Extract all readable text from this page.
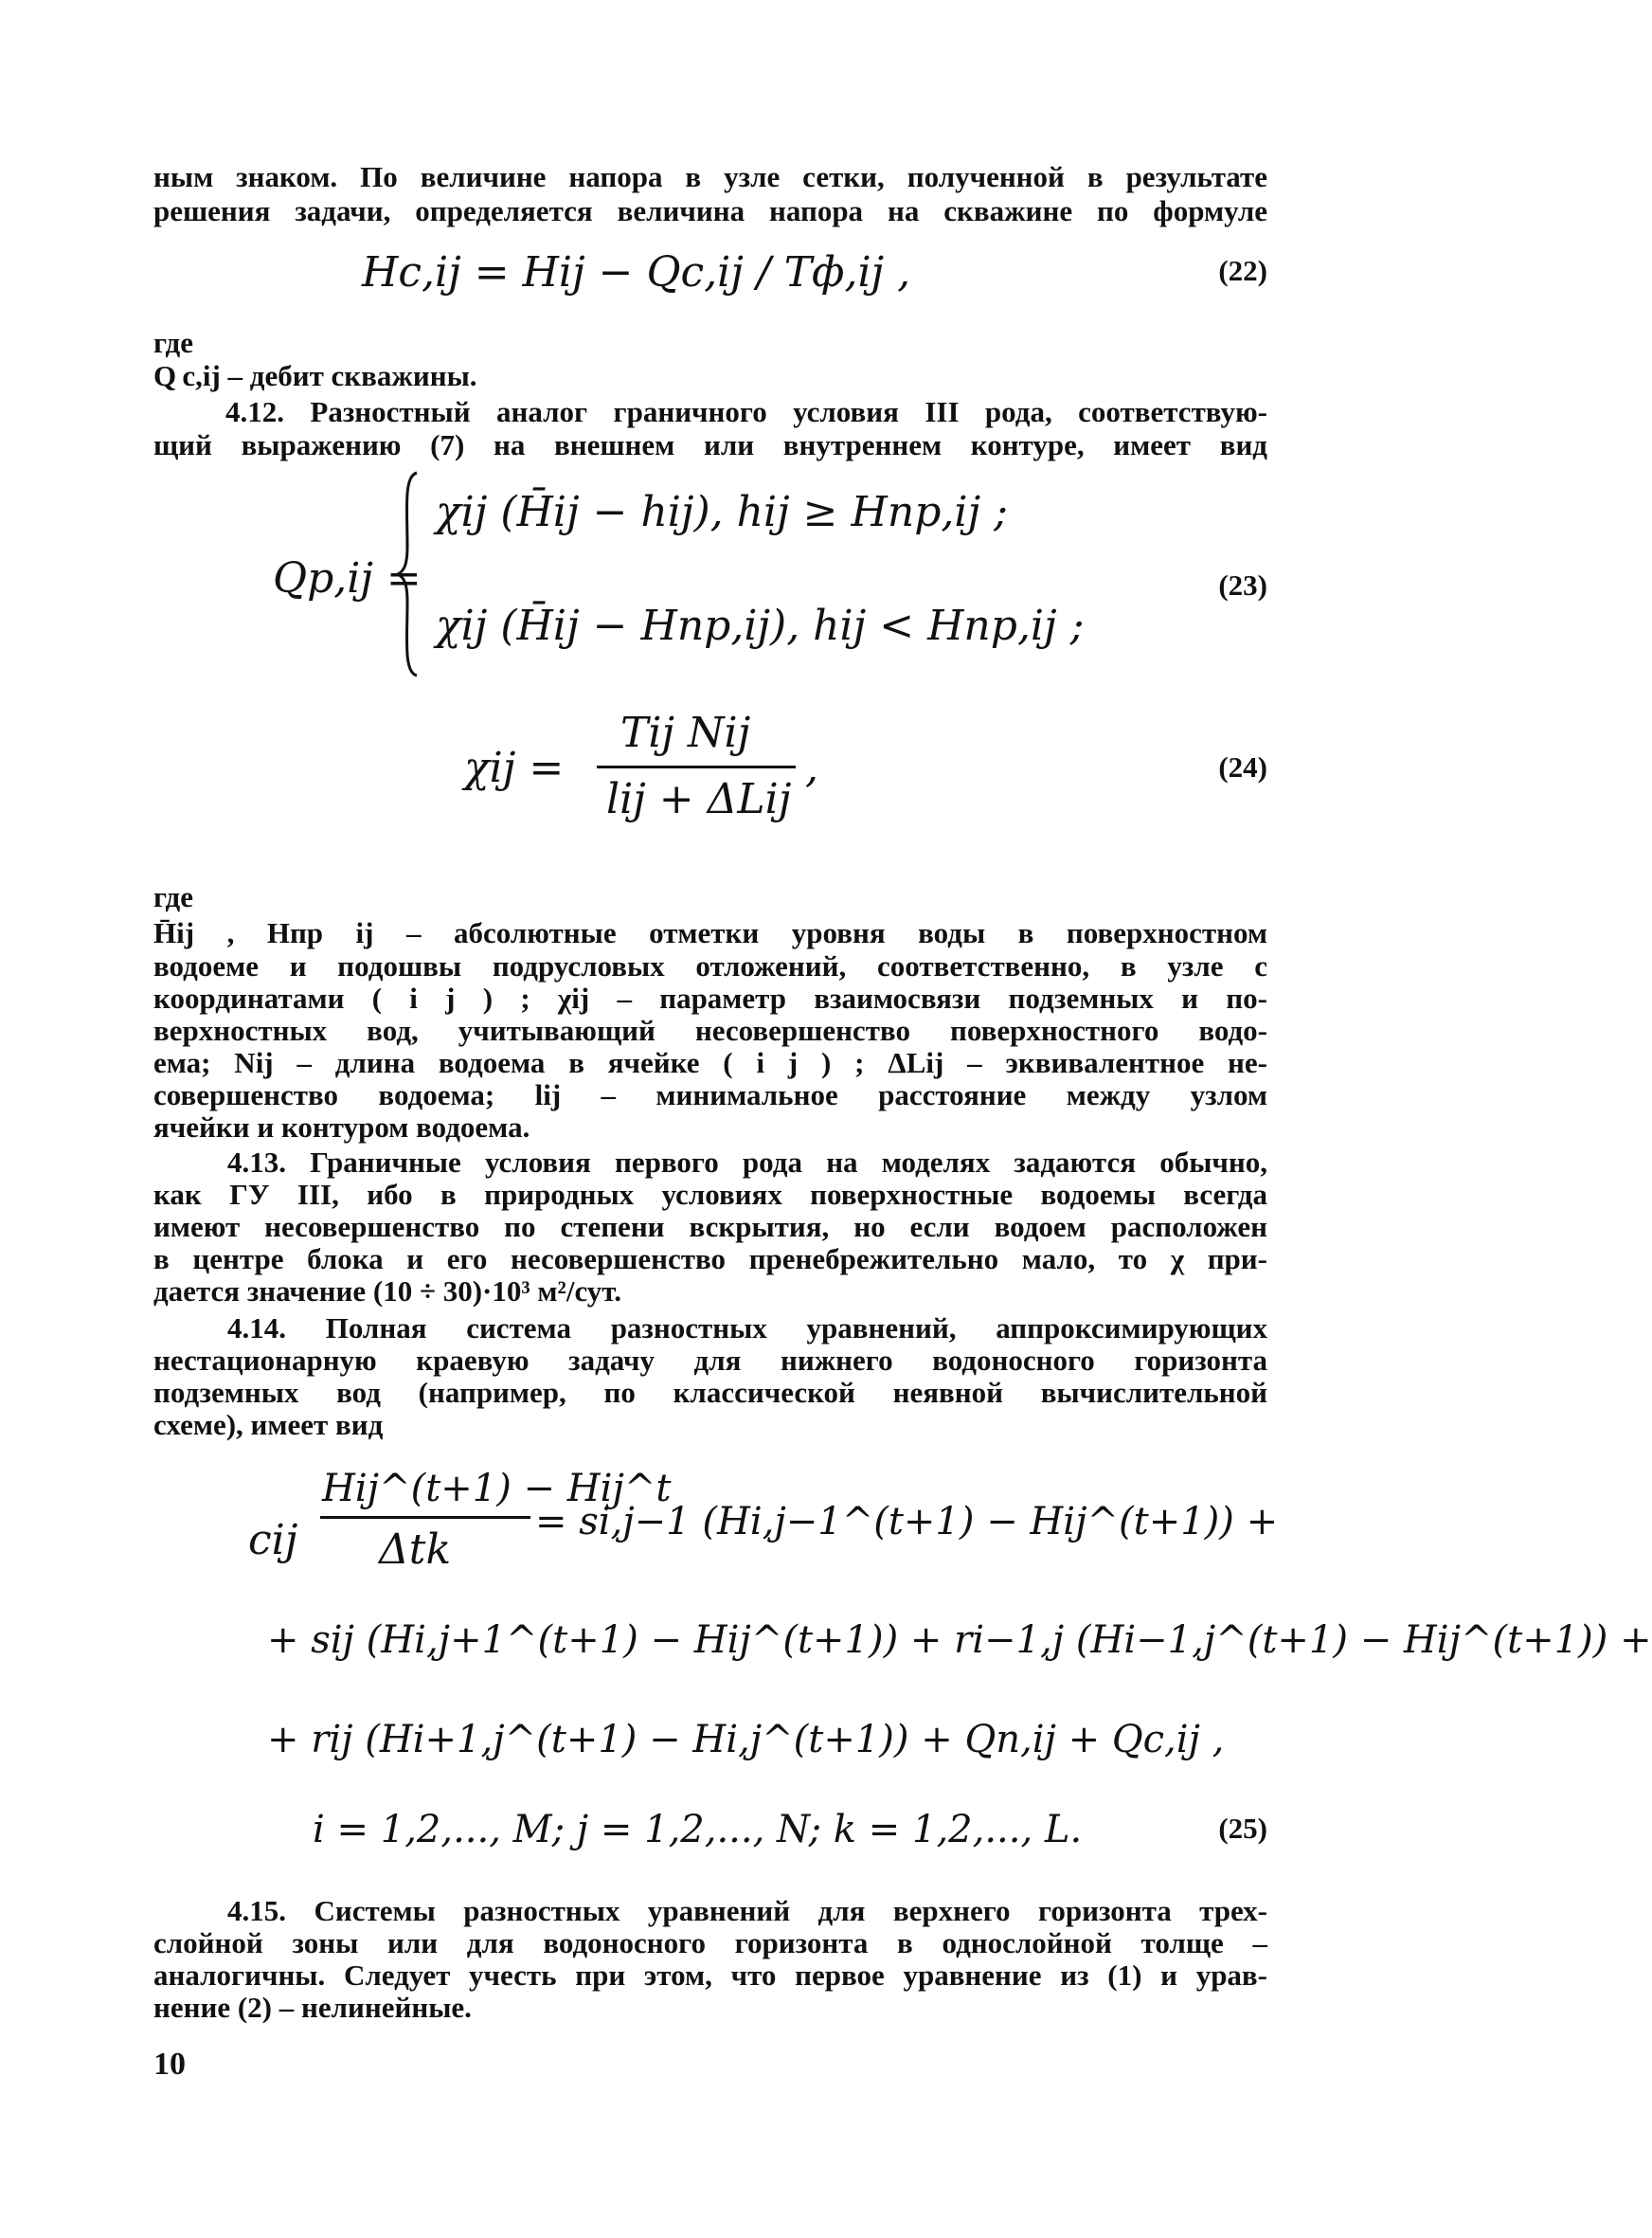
ным знаком. По величине напора в узле сетки, полученной в результате
решения задачи, определяется величина напора на скважине по формуле
Hc,ij = Hij − Qc,ij / Tф,ij ,	(22)
где
Q c,ij – дебит скважины.
4.12. Разностный аналог граничного условия III рода, соответствую-
щий выражению (7) на внешнем или внутреннем контуре, имеет вид
Qp,ij =
χij (H̄ij − hij), hij ≥ Hпр,ij ;
χij (H̄ij − Hпр,ij), hij < Hпр,ij ;
(23)
χij =
Tij Nij
lij + ΔLij
,	(24)
где
H̄ij , Hпр ij – абсолютные отметки уровня воды в поверхностном
водоеме и подошвы подрусловых отложений, соответственно, в узле с
координатами ( i j ) ; χij – параметр взаимосвязи подземных и по-
верхностных вод, учитывающий несовершенство поверхностного водо-
ема; Nij – длина водоема в ячейке ( i j ) ; ΔLij – эквивалентное не-
совершенство водоема; lij – минимальное расстояние между узлом
ячейки и контуром водоема.
4.13. Граничные условия первого рода на моделях задаются обычно,
как ГУ III, ибо в природных условиях поверхностные водоемы всегда
имеют несовершенство по степени вскрытия, но если водоем расположен
в центре блока и его несовершенство пренебрежительно мало, то χ при-
дается значение (10 ÷ 30)·10³ м²/сут.
4.14. Полная система разностных уравнений, аппроксимирующих
нестационарную краевую задачу для нижнего водоносного горизонта
подземных вод (например, по классической неявной вычислительной
схеме), имеет вид
cij
Hij^(t+1) − Hij^t
Δtk
= si,j−1 (Hi,j−1^(t+1) − Hij^(t+1)) +
+ sij (Hi,j+1^(t+1) − Hij^(t+1)) + ri−1,j (Hi−1,j^(t+1) − Hij^(t+1)) +
+ rij (Hi+1,j^(t+1) − Hi,j^(t+1)) + Qп,ij + Qc,ij ,
i = 1,2,..., M; j = 1,2,..., N; k = 1,2,..., L.	(25)
4.15. Системы разностных уравнений для верхнего горизонта трех-
слойной зоны или для водоносного горизонта в однослойной толще –
аналогичны. Следует учесть при этом, что первое уравнение из (1) и урав-
нение (2) – нелинейные.
10
